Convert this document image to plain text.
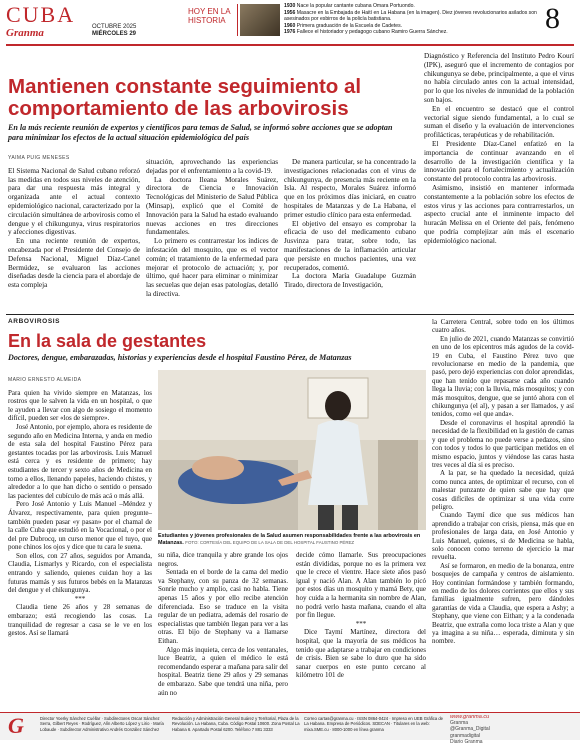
CUBA
Granma	OCTUBRE 2025
MIÉRCOLES 29
HOY EN LA
HISTORIA
1930 Nace la popular cantante cubana Omara Portuondo.
1956 Masacre en la Embajada de Haití en La Habana (en la imagen). Diez jóvenes revolucionarios asilados son asesinados por esbirros de la policía batistiana.
1960 Primera graduación de la Escuela de Cadetes.
1976 Fallece el historiador y pedagogo cubano Ramiro Guerra Sánchez.	8
Mantienen constante seguimiento al comportamiento de las arbovirosis
En la más reciente reunión de expertos y científicos para temas de Salud, se informó sobre acciones que se adoptan para minimizar los efectos de la actual situación epidemiológica del país
YAIMA PUIG MENESES

El Sistema Nacional de Salud cubano reforzó las medidas en todos sus niveles de atención, para dar una respuesta más integral y organizada ante el actual contexto epidemiológico nacional, caracterizado por la circulación simultánea de arbovirosis como el dengue y el chikungunya, virus respiratorios y afecciones digestivas.

En una reciente reunión de expertos, encabezada por el Presidente del Consejo de Defensa Nacional, Miguel Díaz-Canel Bermúdez, se evaluaron las acciones diseñadas desde la ciencia para el abordaje de esta compleja

situación, aprovechando las experiencias dejadas por el enfrentamiento a la covid-19.

La doctora Ileana Morales Suárez, directora de Ciencia e Innovación Tecnológicas del Ministerio de Salud Pública (Minsap), explicó que el Comité de Innovación para la Salud ha estado evaluando nuevas acciones en tres direcciones fundamentales.

Lo primero es contrarrestar los índices de infestación del mosquito, que es el vector común; el tratamiento de la enfermedad para mejorar el protocolo de actuación; y, por último, qué hacer para eliminar o minimizar las secuelas que dejan esas patologías, detalló la directiva.

De manera particular, se ha concentrado la investigaciones relacionadas con el virus de chikungunya, de presencia más reciente en la Isla. Al respecto, Morales Suárez informó que en los próximos días iniciará, en cuatro hospitales de Matanzas y de La Habana, el primer estudio clínico para esta enfermedad.

El objetivo del ensayo es comprobar la eficacia de uso del medicamento cubano Jusvinza para tratar, sobre todo, las manifestaciones de la inflamación articular que persiste en muchos pacientes, una vez recuperados, comentó.

La doctora María Guadalupe Guzmán Tirado, directora de Investigación,

Diagnóstico y Referencia del Instituto Pedro Kourí (IPK), aseguró que el incremento de contagios por chikungunya se debe, principalmente, a que el virus no había circulado antes con la actual intensidad, por lo que los niveles de inmunidad de la población son bajos.

En el encuentro se destacó que el control vectorial sigue siendo fundamental, a lo cual se suman el diseño y la evaluación de intervenciones profilácticas, terapéuticas y de rehabilitación.

El Presidente Díaz-Canel enfatizó en la importancia de continuar avanzando en el desarrollo de la investigación científica y la innovación para el fortalecimiento y actualización constante del protocolo contra las arbovirosis.

Asimismo, insistió en mantener informada constantemente a la población sobre los efectos de estos virus y las acciones para contrarrestarlos, un aspecto crucial ante el inminente impacto del huracán Melissa en el Oriente del país, fenómeno que podría complejizar aún más el escenario epidemiológico nacional.

ARBOVIROSIS
En la sala de gestantes
Doctores, dengue, embarazadas, historias y experiencias desde el hospital Faustino Pérez, de Matanzas
MARIO ERNESTO ALMEIDA

Para quien ha vivido siempre en Matanzas, los rostros que le salven la vida en un hospital, o que le ayuden a llevar con algo de sosiego el momento difícil, pueden ser «los de siempre».

José Antonio, por ejemplo, ahora es residente de segundo año en Medicina Interna, y anda en medio de esta sala del hospital Faustino Pérez para gestantes tocadas por las arbovirosis. Luis Manuel está cerca y es residente de primero; hay estudiantes de tercer y sexto años de Medicina en torno a ellos, llenando papeles, haciendo chistes, y alrededor a lo que han dicho o sentido o pensado las pacientes del cubículo de más acá o más allá.

Pero José Antonio y Luis Manuel –Méndez y Álvarez, respectivamente, para quien pregunte– también pueden pasar «y pasan» por el chamal de la calle Cuba que estudió en la Vocacional, o por el del pre Dubrocq, un curso menor que el tuyo, que pone chinos los ojos y dice que tu cara le suena.

Son ellos, con 27 años, seguidos por Amanda, Claudia, Lismarlys y Ricardo, con el especialista entrando y saliendo, quienes cuidan hoy a las futuras mamás y sus futuros bebés en la Matanzas del dengue y el chikungunya.

***

Claudia tiene 26 años y 28 semanas de embarazo; está recogiendo las cosas. La tranquilidad de regresar a casa se le ve en los gestos. Así se llamará

Estudiantes y jóvenes profesionales de la Salud asumen responsabilidades frente a las arbovirosis en Matanzas. FOTO: CORTESÍA DEL EQUIPO DE LA SALA DE DEL HOSPITAL FAUSTINO PÉREZ

su niña, dice tranquila y abre grande los ojos negros.

Sentada en el borde de la cama del medio va Stephany, con su panza de 32 semanas. Sonríe mucho y amplio, casi no habla. Tiene apenas 15 años y por ello recibe atención diferenciada. Eso se traduce en la visita regular de un pediatra, además del rosario de especialistas que también llegan para ver a las otras. El bijo de Stephany va a llamarse Eithan.

Algo más inquieta, cerca de los ventanales, luce Beatriz, a quien el médico le está recomendando esperar a mañana para salir del hospital. Beatriz tiene 29 años y 29 semanas de embarazo. Sabe que tendrá una niña, pero aún no

decide cómo llamarle. Sus preocupaciones están divididas, porque no es la primera vez que le crece el vientre. Hace siete años pasó igual y nació Alan. A Alan también lo picó por estos días un mosquito y mamá Bety, que hoy cuida a la hermanita sin nombre de Alan, no podrá verlo hasta mañana, cuando el alta por fin llegue.

***

Dice Taymí Martínez, directora del hospital, que la mayoría de sus médicos ha tenido que adaptarse a trabajar en condiciones de crisis. Bien se sabe lo duro que ha sido sanar cuerpos en este punto cercano al kilómetro 101 de

la Carretera Central, sobre todo en los últimos cuatro años.

En julio de 2021, cuando Matanzas se convirtió en uno de los epicentros más agudos de la covid-19 en Cuba, el Faustino Pérez tuvo que revolucionarse en medio de la pandemia, que pasó, pero dejó experiencias con dolor aprendidas, que han tenido que repasarse cada año cuando llega la lluvia; con la lluvia, más mosquitos; y con más mosquitos, dengue, que se juntó ahora con el chikungunya (el al), y pasan a ser llamados, y así tenidos, como «el que anda».

Desde el coronavirus el hospital aprendió la necesidad de la flexibilidad en la gestión de camas y que el problema no puede verse a pedazos, sino con todos y todos lo que participan metidos en el mismo espacio, juntos y viéndose las caras hasta tres veces al día si es preciso.

A la par, se ha quedado la necesidad, quizá como nunca antes, de optimizar el recurso, con el malestar punzante de quien sabe que hay que cosas difíciles de optimizar si una vida corre peligro.

Cuando Taymí dice que sus médicos han aprendido a trabajar con crisis, piensa, más que en profesionales de larga data, en José Antonio y Luis Manuel, quienes, si de Medicina se habla, solo conocen como terreno de ejercicio la mar revuelta.

Así se formaron, en medio de la bonanza, entre bosquejes de campaña y centros de aislamiento. Hoy continúan formándose y también formando, en medio de los dolores corrientes que ellos y sus familias igualmente sufren, pero dándoles garantías de vida a Claudia, que espera a Ashy; a Stephany, que viene con Eithan; y a la condenada Beatriz, que extraña como loca triste a Alan y que ya imagina a su niña… esperada, diminuta y sin nombre.

G	Director Yoerky Sánchez Cuéllar · Subdirectores Oscar Sánchez Serra, Gilbert Reyes · Rodríguez, Alín Alberto López y Lirio · María Lobaude · Subdirector Administrativo Andrés González Sánchez
Redacción y Administración General Suárez y Territorial, Plaza de la Revolución. La Habana, Cuba. Código Postal 10600. Zona Postal La Habana 6. Apartado Postal 6200. Teléfono 7 881 3333
Correo cartas@granma.cu · ISSN 0864-0424 · Impreso en UEB Gráfica de La Habana. Empresa de Periódicos. SDECAN · Titulares en la web: mixa.SME.cu · 8000-1000 en línea granma
www.granma.cu
Granma
@Granma_Digital
granmadigital
Diario Granma
